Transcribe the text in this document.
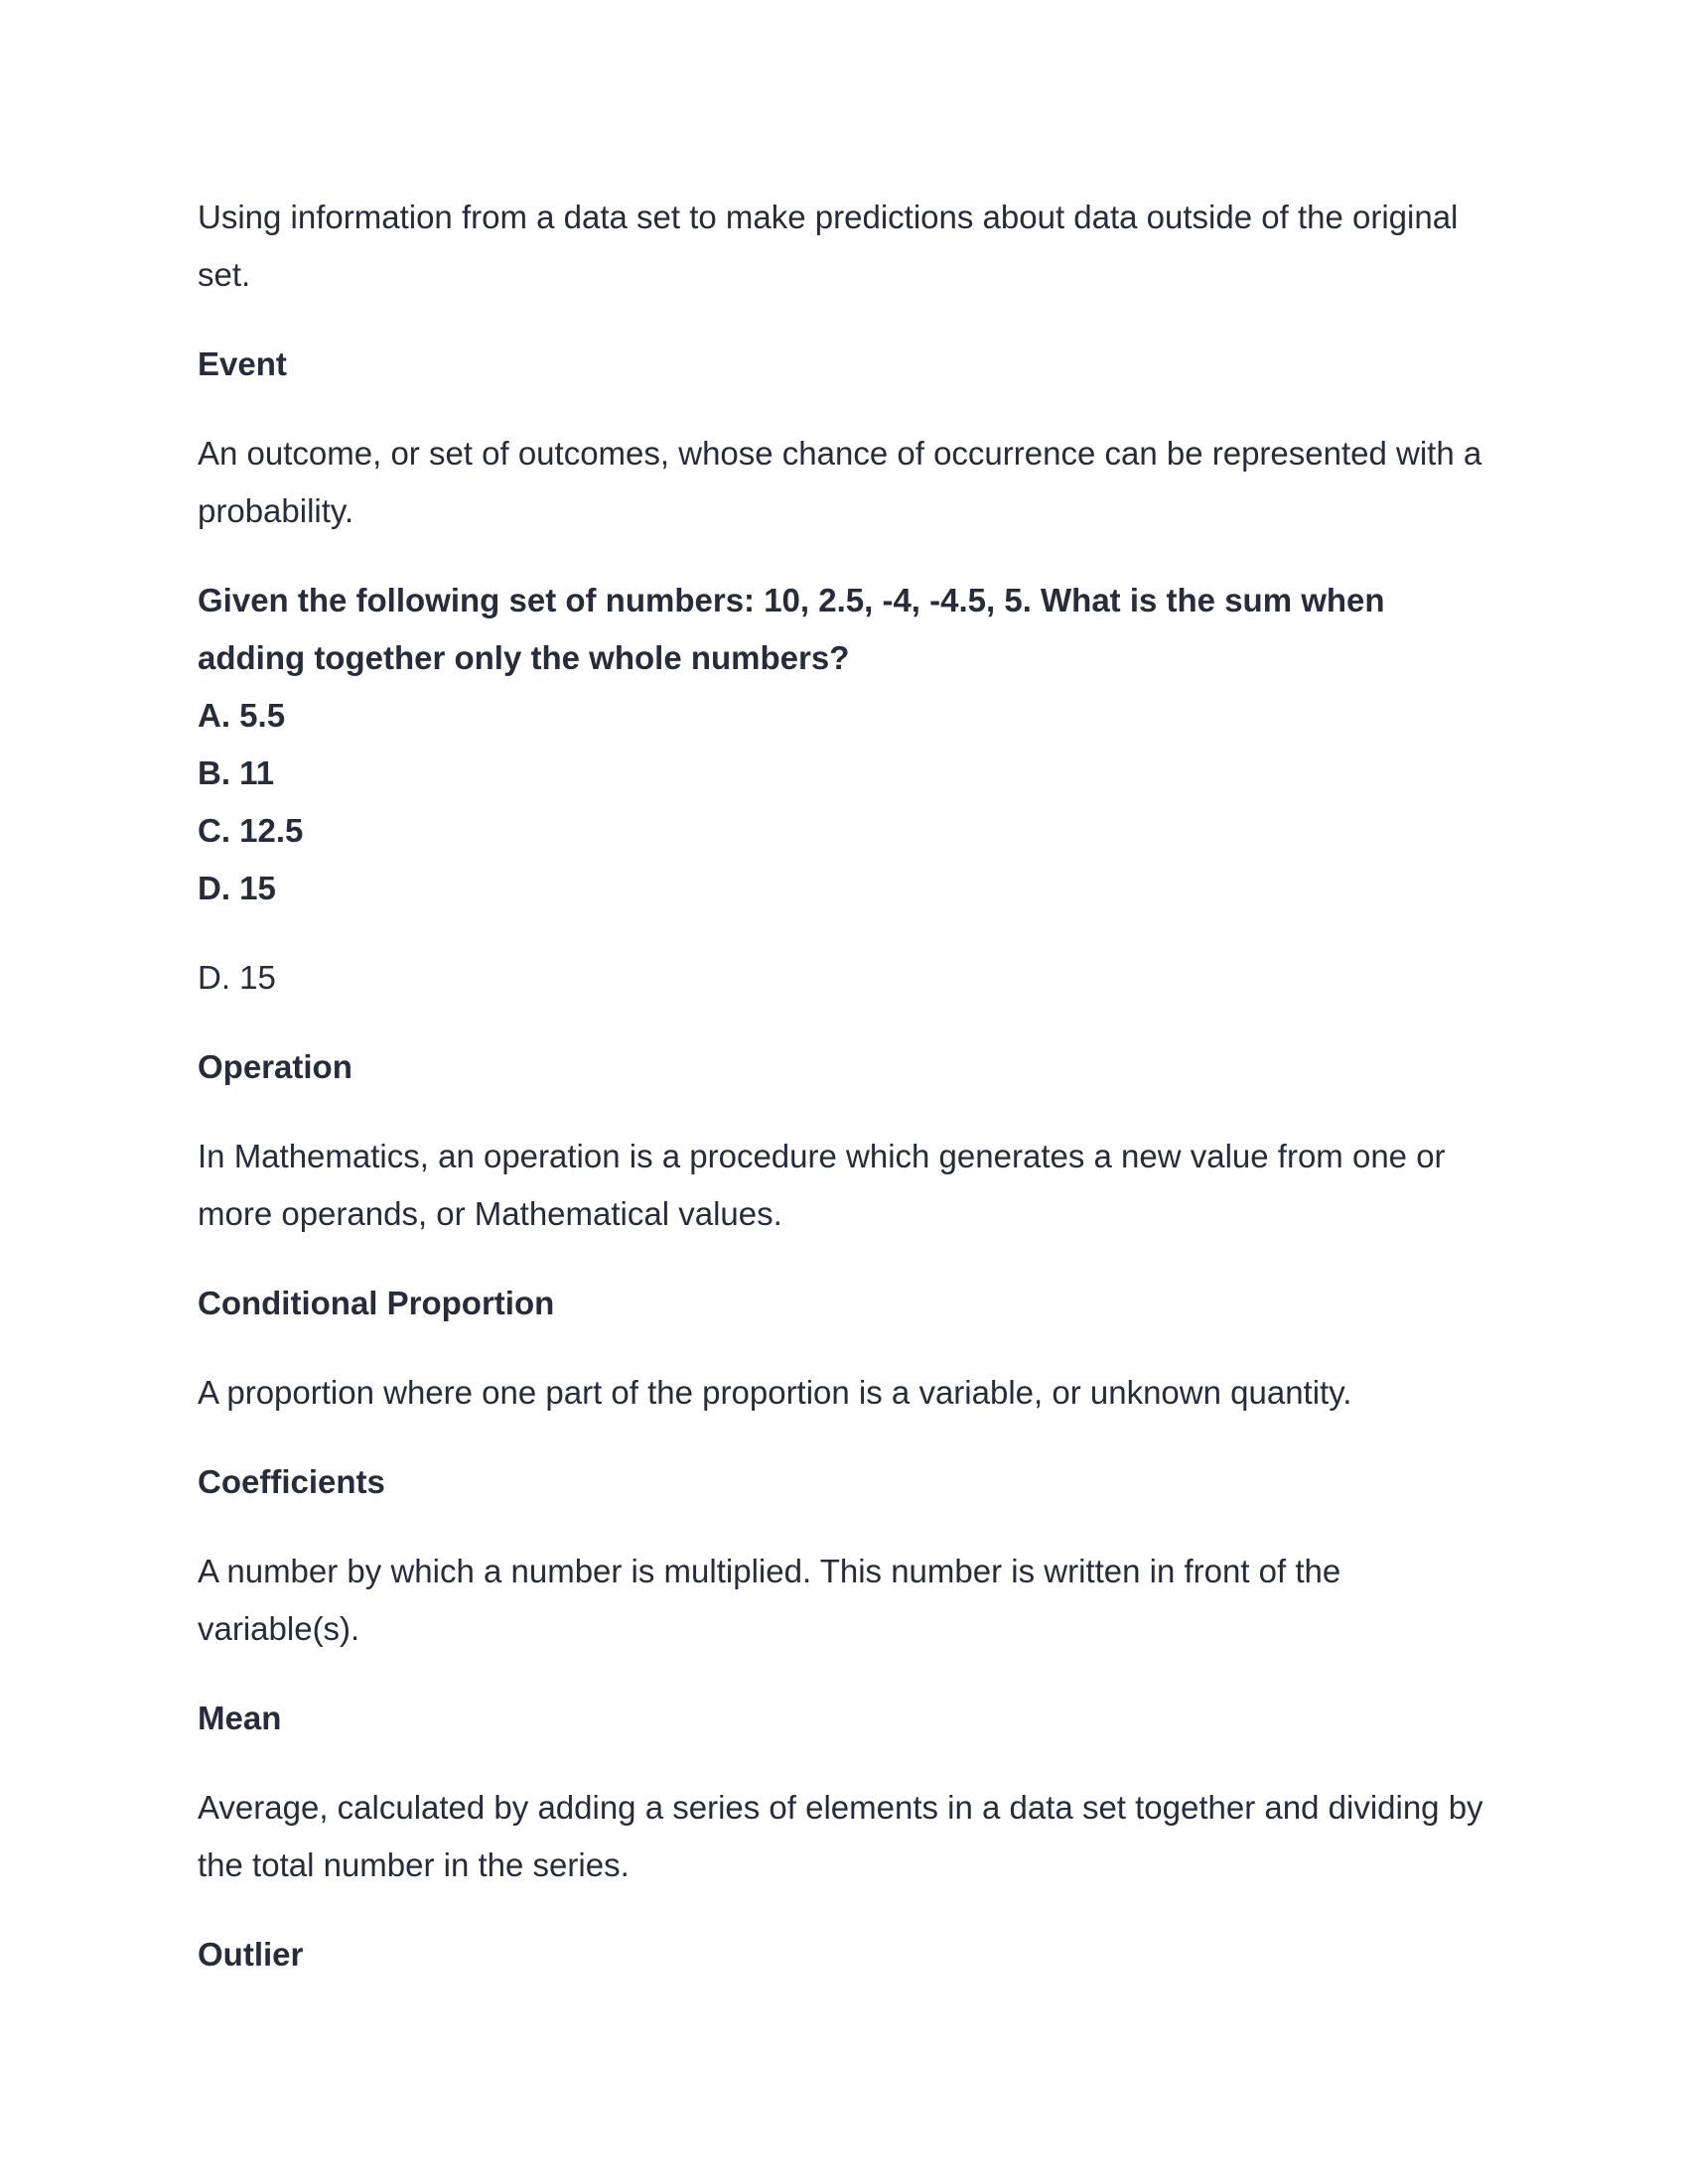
Using information from a data set to make predictions about data outside of the original set.

Event

An outcome, or set of outcomes, whose chance of occurrence can be represented with a probability.

Given the following set of numbers: 10, 2.5, -4, -4.5, 5. What is the sum when adding together only the whole numbers?
A. 5.5
B. 11
C. 12.5
D. 15

D. 15

Operation

In Mathematics, an operation is a procedure which generates a new value from one or more operands, or Mathematical values.

Conditional Proportion

A proportion where one part of the proportion is a variable, or unknown quantity.

Coefficients

A number by which a number is multiplied. This number is written in front of the variable(s).

Mean

Average, calculated by adding a series of elements in a data set together and dividing by the total number in the series.

Outlier
